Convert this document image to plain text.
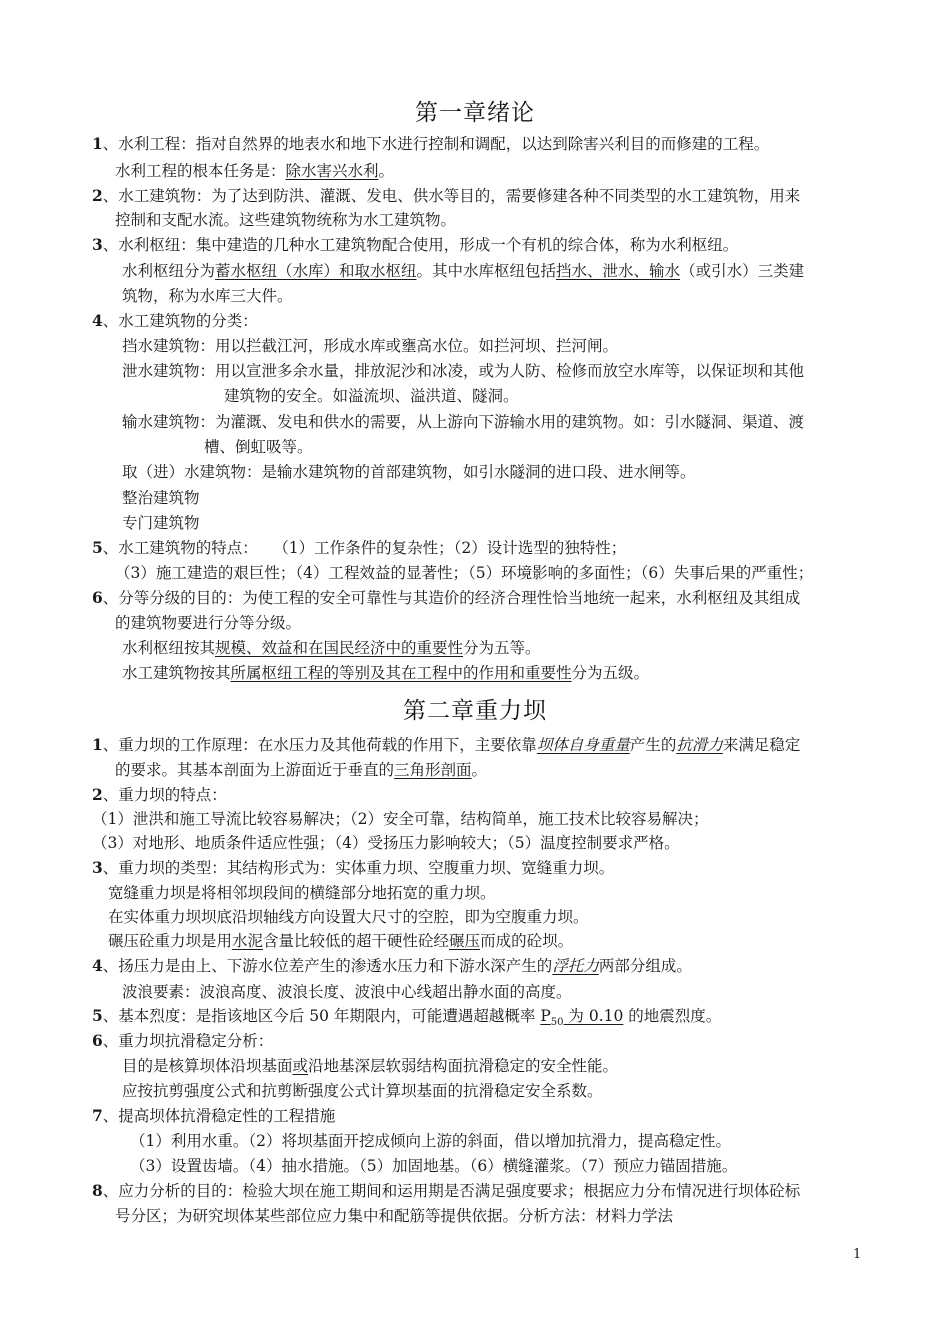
第一章绪论
1、水利工程：指对自然界的地表水和地下水进行控制和调配，以达到除害兴利目的而修建的工程。
水利工程的根本任务是：除水害兴水利。
2、水工建筑物：为了达到防洪、灌溉、发电、供水等目的，需要修建各种不同类型的水工建筑物，用来
控制和支配水流。这些建筑物统称为水工建筑物。
3、水利枢纽：集中建造的几种水工建筑物配合使用，形成一个有机的综合体，称为水利枢纽。
水利枢纽分为蓄水枢纽（水库）和取水枢纽。其中水库枢纽包括挡水、泄水、输水（或引水）三类建
筑物，称为水库三大件。
4、水工建筑物的分类：
挡水建筑物：用以拦截江河，形成水库或壅高水位。如拦河坝、拦河闸。
泄水建筑物：用以宣泄多余水量，排放泥沙和冰凌，或为人防、检修而放空水库等，以保证坝和其他
建筑物的安全。如溢流坝、溢洪道、隧洞。
输水建筑物：为灌溉、发电和供水的需要，从上游向下游输水用的建筑物。如：引水隧洞、渠道、渡
槽、倒虹吸等。
取（进）水建筑物：是输水建筑物的首部建筑物，如引水隧洞的进口段、进水闸等。
整治建筑物
专门建筑物
5、水工建筑物的特点：　　（1）工作条件的复杂性；（2）设计选型的独特性；
（3）施工建造的艰巨性；（4）工程效益的显著性；（5）环境影响的多面性；（6）失事后果的严重性；
6、分等分级的目的：为使工程的安全可靠性与其造价的经济合理性恰当地统一起来，水利枢纽及其组成
的建筑物要进行分等分级。
水利枢纽按其规模、效益和在国民经济中的重要性分为五等。
水工建筑物按其所属枢纽工程的等别及其在工程中的作用和重要性分为五级。
第二章重力坝
1、重力坝的工作原理：在水压力及其他荷载的作用下，主要依靠坝体自身重量产生的抗滑力来满足稳定
的要求。其基本剖面为上游面近于垂直的三角形剖面。
2、重力坝的特点：
（1）泄洪和施工导流比较容易解决；（2）安全可靠，结构简单，施工技术比较容易解决；
（3）对地形、地质条件适应性强；（4）受扬压力影响较大；（5）温度控制要求严格。
3、重力坝的类型：其结构形式为：实体重力坝、空腹重力坝、宽缝重力坝。
宽缝重力坝是将相邻坝段间的横缝部分地拓宽的重力坝。
在实体重力坝坝底沿坝轴线方向设置大尺寸的空腔，即为空腹重力坝。
碾压砼重力坝是用水泥含量比较低的超干硬性砼经碾压而成的砼坝。
4、扬压力是由上、下游水位差产生的渗透水压力和下游水深产生的浮托力两部分组成。
波浪要素：波浪高度、波浪长度、波浪中心线超出静水面的高度。
5、基本烈度：是指该地区今后 50 年期限内，可能遭遇超越概率 $P_{50}$ 为 0.10 的地震烈度。
6、重力坝抗滑稳定分析：
目的是核算坝体沿坝基面或沿地基深层软弱结构面抗滑稳定的安全性能。
应按抗剪强度公式和抗剪断强度公式计算坝基面的抗滑稳定安全系数。
7、提高坝体抗滑稳定性的工程措施
（1）利用水重。（2）将坝基面开挖成倾向上游的斜面，借以增加抗滑力，提高稳定性。
（3）设置齿墙。（4）抽水措施。（5）加固地基。（6）横缝灌浆。（7）预应力锚固措施。
8、应力分析的目的：检验大坝在施工期间和运用期是否满足强度要求；根据应力分布情况进行坝体砼标
号分区；为研究坝体某些部位应力集中和配筋等提供依据。分析方法：材料力学法
1
